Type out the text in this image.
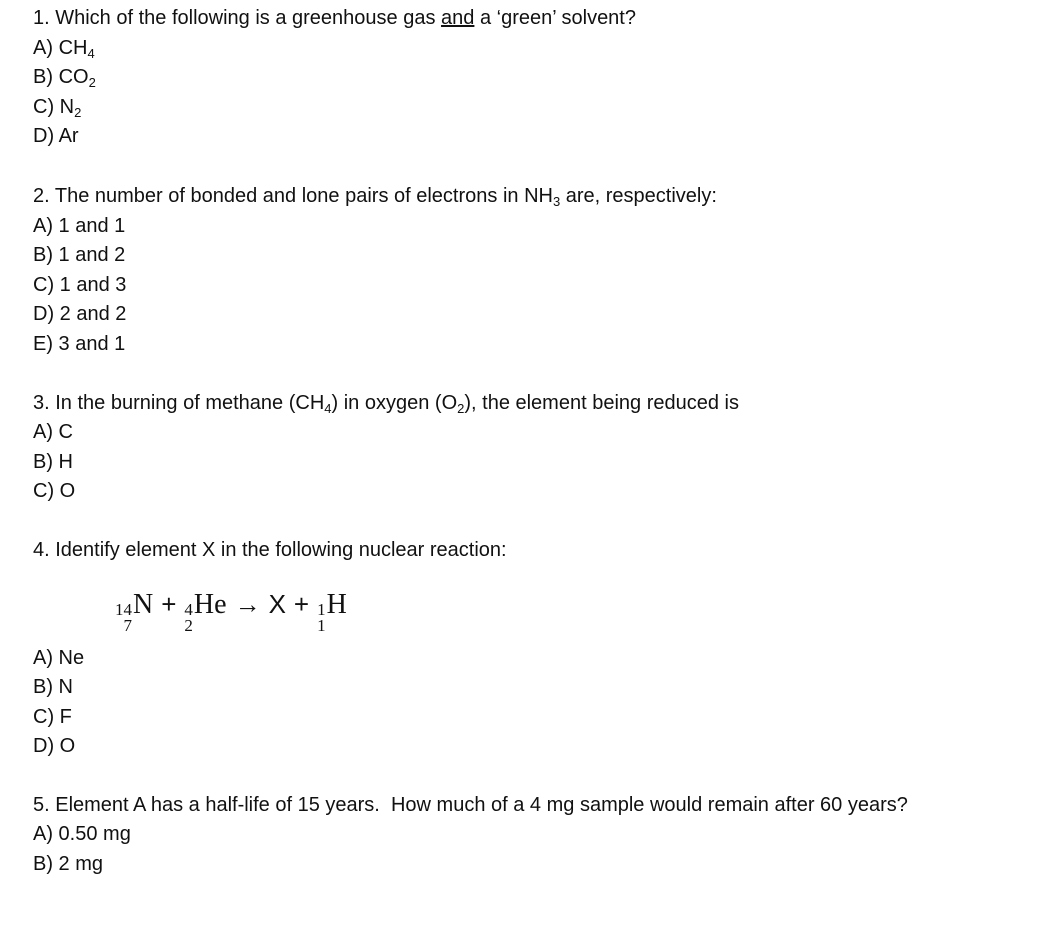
1. Which of the following is a greenhouse gas and a ‘green’ solvent?
A) $CH_4$
B) $CO_2$
C) $N_2$
D) Ar
2. The number of bonded and lone pairs of electrons in $NH_3$ are, respectively:
A) 1 and 1
B) 1 and 2
C) 1 and 3
D) 2 and 2
E) 3 and 1
3. In the burning of methane $(CH_4)$ in oxygen $(O_2)$, the element being reduced is
A) C
B) H
C) O
4. Identify element X in the following nuclear reaction:
14
7
N + 4
2
He → X + 1
1
H
A) Ne
B) N
C) F
D) O
5. Element A has a half-life of 15 years.  How much of a 4 mg sample would remain after 60 years?
A) 0.50 mg
B) 2 mg
